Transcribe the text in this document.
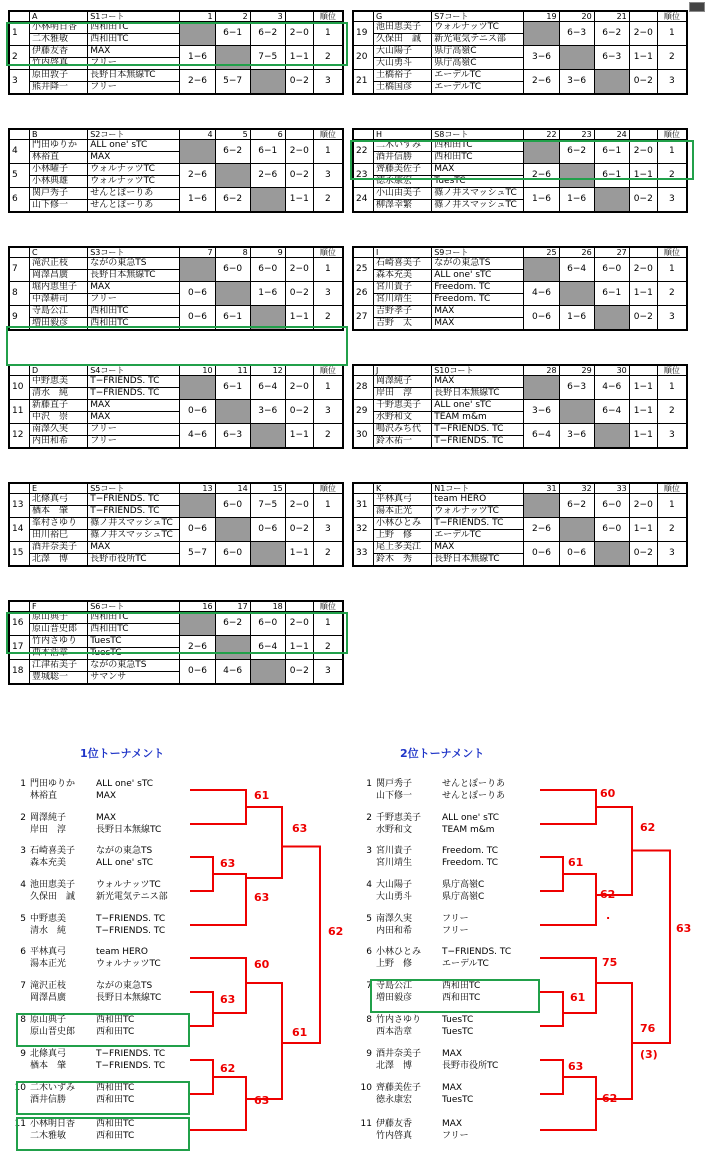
	A	S1コート	1	2	3		順位
1	小林明日香	西和田TC		6−1	6−2	2−0	1
	二木雅敏	西和田TC					
2	伊藤友香	MAX	1−6		7−5	1−1	2
	竹内啓真	フリー					
3	原田敦子	長野日本無線TC	2−6	5−7		0−2	3
	熊井降一	フリー					
	G	S7コート	19	20	21		順位
19	池田恵美子	ウォルナッツTC		6−3	6−2	2−0	1
	久保田　誠	新光電気テニス部					
20	大山陽子	県庁高嶺C	3−6		6−3	1−1	2
	大山勇斗	県庁高嶺C					
21	土橋裕子	エーデルTC	2−6	3−6		0−2	3
	土橋国彦	エーデルTC					
	B	S2コート	4	5	6		順位
4	門田ゆりか	ALL one' sTC		6−2	6−1	2−0	1
	林裕直	MAX					
5	小林曜子	ウォルナッツTC	2−6		2−6	0−2	3
	小林典雄	ウォルナッツTC					
6	関戸秀子	せんとぽーりあ	1−6	6−2		1−1	2
	山下修一	せんとぽーりあ					
	H	S8コート	22	23	24		順位
22	二木いずみ	西和田TC		6−2	6−1	2−0	1
	酒井信勝	西和田TC					
23	齊藤美佐子	MAX	2−6		6−1	1−1	2
	徳永康宏	TuesTC					
24	小山由美子	篠ノ井スマッシュTC	1−6	1−6		0−2	3
	柳澤幸繁	篠ノ井スマッシュTC					
	C	S3コート	7	8	9		順位
7	滝沢正枝	ながの東急TS		6−0	6−0	2−0	1
	岡澤昌廣	長野日本無線TC					
8	堀内恵里子	MAX	0−6		1−6	0−2	3
	中澤耕司	フリー					
9	寺島公江	西和田TC	0−6	6−1		1−1	2
	増田毅彦	西和田TC					
	I	S9コート	25	26	27		順位
25	石崎喜美子	ながの東急TS		6−4	6−0	2−0	1
	森本充美	ALL one' sTC					
26	宮川貴子	Freedom. TC	4−6		6−1	1−1	2
	宮川靖生	Freedom. TC					
27	吉野孝子	MAX	0−6	1−6		0−2	3
	吉野　太	MAX					
	D	S4コート	10	11	12		順位
10	中野恵美	T−FRIENDS. TC		6−1	6−4	2−0	1
	清水　純	T−FRIENDS. TC					
11	新藤直子	MAX	0−6		3−6	0−2	3
	中沢　崇	MAX					
12	南澤久実	フリー	4−6	6−3		1−1	2
	内田和希	フリー					
	J	S10コート	28	29	30		順位
28	岡澤純子	MAX		6−3	4−6	1−1	1
	岸田　淳	長野日本無線TC					
29	千野恵美子	ALL one' sTC	3−6		6−4	1−1	2
	水野和文	TEAM m&m					
30	鳴沢みち代	T−FRIENDS. TC	6−4	3−6		1−1	3
	鈴木祐一	T−FRIENDS. TC					
	E	S5コート	13	14	15		順位
13	北條真弓	T−FRIENDS. TC		6−0	7−5	2−0	1
	楢本　肇	T−FRIENDS. TC					
14	峯村さゆり	篠ノ井スマッシュTC	0−6		0−6	0−2	3
	田川裕巳	篠ノ井スマッシュTC					
15	酒井奈美子	MAX	5−7	6−0		1−1	2
	北澤　博	長野市役所TC					
	K	N1コート	31	32	33		順位
31	平林真弓	team HERO		6−2	6−0	2−0	1
	湯本正光	ウォルナッツTC					
32	小林ひとみ	T−FRIENDS. TC	2−6		6−0	1−1	2
	上野　修	エーデルTC					
33	尾上多美江	MAX	0−6	0−6		0−2	3
	鈴木　秀	長野日本無線TC					
	F	S6コート	16	17	18		順位
16	原山典子	西和田TC		6−2	6−0	2−0	1
	原山晋史郎	西和田TC					
17	竹内さゆり	TuesTC	2−6		6−4	1−1	2
	西本浩章	TuesTC					
18	江津祐美子	ながの東急TS	0−6	4−6		0−2	3
	豊城聡一	サマンサ					
1位トーナメント	2位トーナメント
1 門田ゆりか
林裕直
ALL one' sTC
MAX
2 岡澤純子
岸田　淳
MAX
長野日本無線TC
3 石崎喜美子
森本充美
ながの東急TS
ALL one' sTC
4 池田恵美子
久保田　誠
ウォルナッツTC
新光電気テニス部
5 中野恵美
清水　純
T−FRIENDS. TC
T−FRIENDS. TC
6 平林真弓
湯本正光
team HERO
ウォルナッツTC
7 滝沢正枝
岡澤昌廣
ながの東急TS
長野日本無線TC
8 原山典子
原山晋史郎
西和田TC
西和田TC
9 北條真弓
楢本　肇
T−FRIENDS. TC
T−FRIENDS. TC
10 二木いずみ
酒井信勝
西和田TC
西和田TC
11 小林明日香
二木雅敏
西和田TC
西和田TC
1 関戸秀子
山下修一
せんとぽーりあ
せんとぽーりあ
2 千野恵美子
水野和文
ALL one' sTC
TEAM m&m
3 宮川貴子
宮川靖生
Freedom. TC
Freedom. TC
4 大山陽子
大山勇斗
県庁高嶺C
県庁高嶺C
5 南澤久実
内田和希
フリー
フリー
6 小林ひとみ
上野　修
T−FRIENDS. TC
エーデルTC
7 寺島公江
増田毅彦
西和田TC
西和田TC
8 竹内さゆり
西本浩章
TuesTC
TuesTC
9 酒井奈美子
北澤　博
MAX
長野市役所TC
10 齊藤美佐子
徳永康宏
MAX
TuesTC
11 伊藤友香
竹内啓真
MAX
フリー
61
63
63
63
62
60
63
61
62
63
60
62
61
62
.
63
75
61
76
(3)
63
62
